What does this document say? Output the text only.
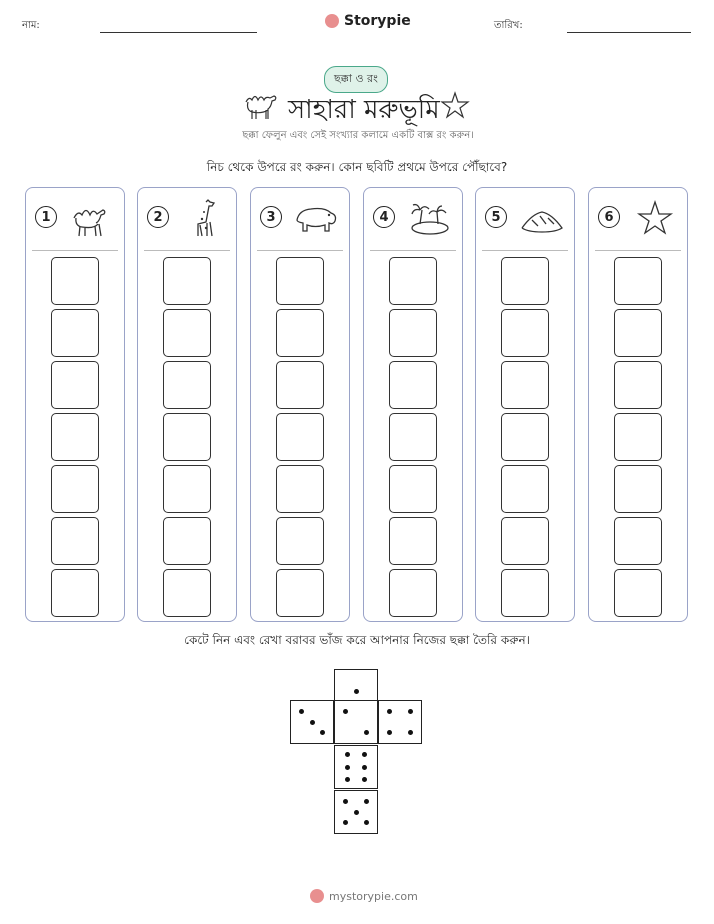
নাম:	Storypie	তারিখ:
ছক্কা ও রং
সাহারা মরুভূমি
ছক্কা ফেলুন এবং সেই সংখ্যার কলামে একটি বাক্স রং করুন।
নিচ থেকে উপরে রং করুন। কোন ছবিটি প্রথমে উপরে পৌঁছাবে?
1	2	3	4	5	6
কেটে নিন এবং রেখা বরাবর ভাঁজ করে আপনার নিজের ছক্কা তৈরি করুন।
mystorypie.com
